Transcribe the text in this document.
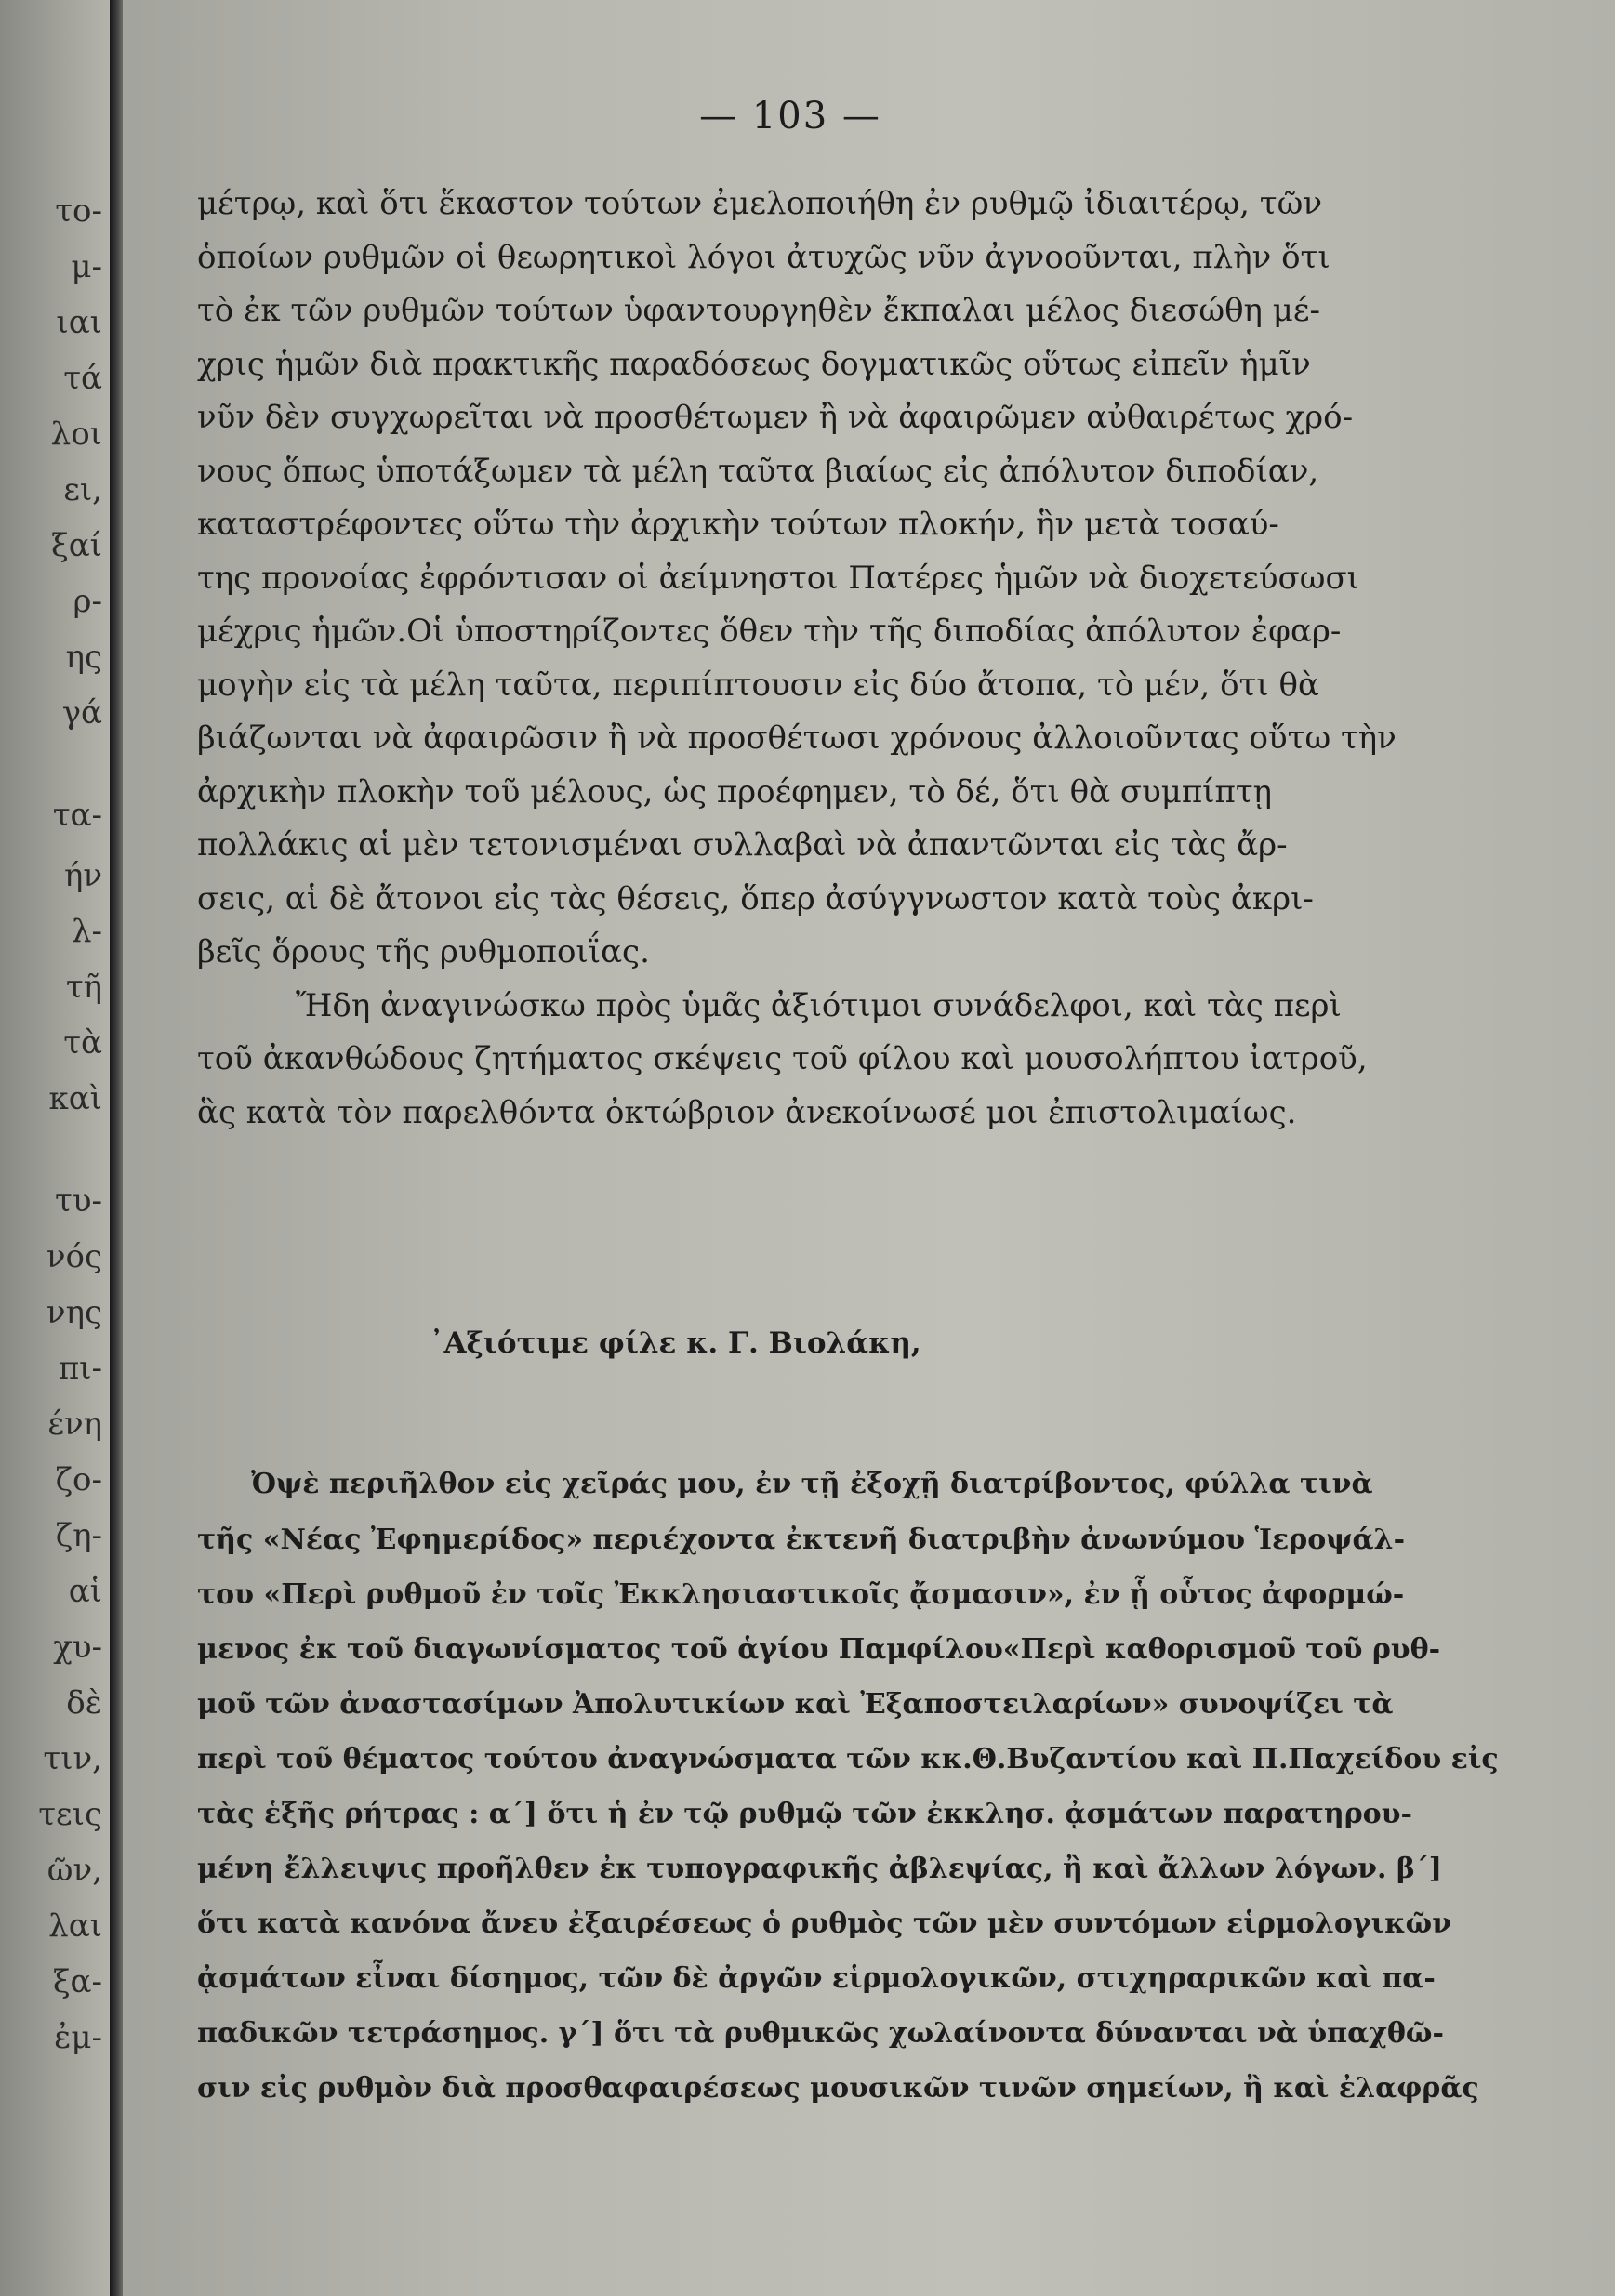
το-
μ-
ιαι
τά
λοι
ει,
ξαί
ρ-
ης
γά
τα-
ήν
λ-
τῆ
τὰ
καὶ
τυ-
νός
νης
πι-
ένη
ζο-
ζη-
αἱ
χυ-
δὲ
τιν,
τεις
ῶν,
λαι
ξα-
ἐμ-
— 103 —
μέτρῳ, καὶ ὅτι ἕκαστον τούτων ἐμελοποιήθη ἐν ρυθμῷ ἰδιαιτέρῳ, τῶν
ὁποίων ρυθμῶν οἱ θεωρητικοὶ λόγοι ἀτυχῶς νῦν ἀγνοοῦνται, πλὴν ὅτι
τὸ ἐκ τῶν ρυθμῶν τούτων ὑφαντουργηθὲν ἔκπαλαι μέλος διεσώθη μέ-
χρις ἡμῶν διὰ πρακτικῆς παραδόσεως δογματικῶς οὕτως εἰπεῖν ἡμῖν
νῦν δὲν συγχωρεῖται νὰ προσθέτωμεν ἢ νὰ ἀφαιρῶμεν αὐθαιρέτως χρό-
νους ὅπως ὑποτάξωμεν τὰ μέλη ταῦτα βιαίως εἰς ἀπόλυτον διποδίαν,
καταστρέφοντες οὕτω τὴν ἀρχικὴν τούτων πλοκήν, ἣν μετὰ τοσαύ-
της προνοίας ἐφρόντισαν οἱ ἀείμνηστοι Πατέρες ἡμῶν νὰ διοχετεύσωσι
μέχρις ἡμῶν.Οἱ ὑποστηρίζοντες ὅθεν τὴν τῆς διποδίας ἀπόλυτον ἐφαρ-
μογὴν εἰς τὰ μέλη ταῦτα, περιπίπτουσιν εἰς δύο ἄτοπα, τὸ μέν, ὅτι θὰ
βιάζωνται νὰ ἀφαιρῶσιν ἢ νὰ προσθέτωσι χρόνους ἀλλοιοῦντας οὕτω τὴν
ἀρχικὴν πλοκὴν τοῦ μέλους, ὡς προέφημεν, τὸ δέ, ὅτι θὰ συμπίπτῃ
πολλάκις αἱ μὲν τετονισμέναι συλλαβαὶ νὰ ἀπαντῶνται εἰς τὰς ἄρ-
σεις, αἱ δὲ ἄτονοι εἰς τὰς θέσεις, ὅπερ ἀσύγγνωστον κατὰ τοὺς ἀκρι-
βεῖς ὅρους τῆς ρυθμοποιΐας.
Ἤδη ἀναγινώσκω πρὸς ὑμᾶς ἀξιότιμοι συνάδελφοι, καὶ τὰς περὶ
τοῦ ἀκανθώδους ζητήματος σκέψεις τοῦ φίλου καὶ μουσολήπτου ἰατροῦ,
ἃς κατὰ τὸν παρελθόντα ὀκτώβριον ἀνεκοίνωσέ μοι ἐπιστολιμαίως.
᾿Αξιότιμε φίλε κ. Γ. Βιολάκη,
Ὀψὲ περιῆλθον εἰς χεῖράς μου, ἐν τῇ ἐξοχῇ διατρίβοντος, φύλλα τινὰ
τῆς «Νέας Ἐφημερίδος» περιέχοντα ἐκτενῆ διατριβὴν ἀνωνύμου Ἱεροψάλ-
του «Περὶ ρυθμοῦ ἐν τοῖς Ἐκκλησιαστικοῖς ᾄσμασιν», ἐν ᾗ οὗτος ἀφορμώ-
μενος ἐκ τοῦ διαγωνίσματος τοῦ ἁγίου Παμφίλου«Περὶ καθορισμοῦ τοῦ ρυθ-
μοῦ τῶν ἀναστασίμων Ἀπολυτικίων καὶ Ἐξαποστειλαρίων» συνοψίζει τὰ
περὶ τοῦ θέματος τούτου ἀναγνώσματα τῶν κκ.Θ.Βυζαντίου καὶ Π.Παχείδου εἰς
τὰς ἑξῆς ρήτρας : α΄] ὅτι ἡ ἐν τῷ ρυθμῷ τῶν ἐκκλησ. ᾀσμάτων παρατηρου-
μένη ἔλλειψις προῆλθεν ἐκ τυπογραφικῆς ἀβλεψίας, ἢ καὶ ἄλλων λόγων. β΄]
ὅτι κατὰ κανόνα ἄνευ ἐξαιρέσεως ὁ ρυθμὸς τῶν μὲν συντόμων εἱρμολογικῶν
ᾀσμάτων εἶναι δίσημος, τῶν δὲ ἀργῶν εἱρμολογικῶν, στιχηραρικῶν καὶ πα-
παδικῶν τετράσημος. γ΄] ὅτι τὰ ρυθμικῶς χωλαίνοντα δύνανται νὰ ὑπαχθῶ-
σιν εἰς ρυθμὸν διὰ προσθαφαιρέσεως μουσικῶν τινῶν σημείων, ἢ καὶ ἐλαφρᾶς
